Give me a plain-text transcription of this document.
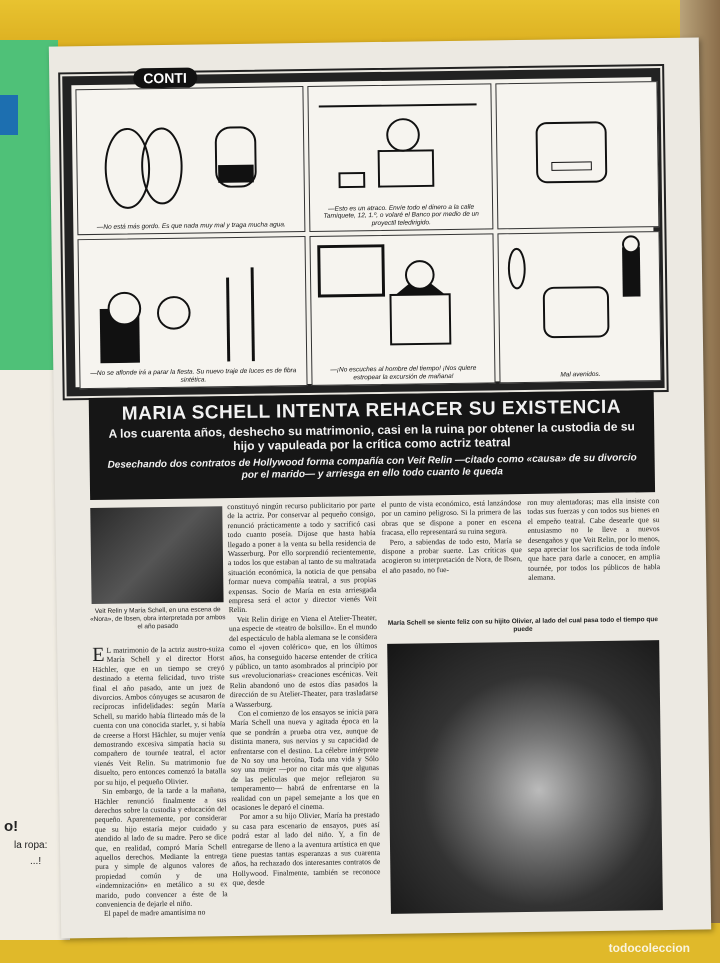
o!
la ropa:
...!
CONTI
—No está más gordo. Es que nada muy mal y traga mucha agua.
—Esto es un atraco. Envíe todo el dinero a la calle Tarniquete, 12, 1.º, o volaré el Banco por medio de un proyectil teledirigido.
—No se aflonde irá a parar la fiesta. Su nuevo traje de luces es de fibra sintética.
—¡No escuches al hombre del tiempo! ¡Nos quiere estropear la excursión de mañana!	Mal avenidos.
MARIA SCHELL INTENTA REHACER SU EXISTENCIA
A los cuarenta años, deshecho su matrimonio, casi en la ruina por obtener la custodia de su hijo y vapuleada por la crítica como actriz teatral
Desechando dos contratos de Hollywood forma compañía con Veit Relin —citado como «causa» de su divorcio por el marido— y arriesga en ello todo cuanto le queda
Veit Relin y María Schell, en una escena de «Nora», de Ibsen, obra interpretada por ambos el año pasado

E L matrimonio de la actriz austro-suiza María Schell y el director Horst Hächler, que en un tiempo se creyó destinado a eterna felicidad, tuvo triste final el año pasado, ante un juez de divorcios. Ambos cónyuges se acusaron de recíprocas infidelidades: según María Schell, su marido había flirteado más de la cuenta con una conocida starlet, y, si había de creerse a Horst Hächler, su mujer venía demostrando excesiva simpatía hacia su compañero de tournée teatral, el actor vienés Veit Relin. Su matrimonio fue disuelto, pero entonces comenzó la batalla por su hijo, el pequeño Olivier.

Sin embargo, de la tarde a la mañana, Hächler renunció finalmente a sus derechos sobre la custodia y educación del pequeño. Aparentemente, por considerar que su hijo estaría mejor cuidado y atendido al lado de su madre. Pero se dice que, en realidad, compró María Schell aquellos derechos. Mediante la entrega pura y simple de algunos valores de propiedad común y de una «indemnización» en metálico a su ex marido, pudo convencer a éste de la conveniencia de dejarle el niño.

El papel de madre amantísima no

constituyó ningún recurso publicitario por parte de la actriz. Por conservar al pequeño consigo, renunció prácticamente a todo y sacrificó casi todo cuanto poseía. Dijose que hasta había llegado a poner a la venta su bella residencia de Wasserburg. Por ello sorprendió recientemente, a todos los que estaban al tanto de su maltratada situación económica, la noticia de que pensaba formar nueva compañía teatral, a sus propias expensas. Socio de María en esta arriesgada empresa será el actor y director vienés Veit Relin.

Veit Relin dirige en Viena el Atelier-Theater, una especie de «teatro de bolsillo». En el mundo del espectáculo de habla alemana se le considera como el «joven colérico» que, en los últimos años, ha conseguido hacerse entender de crítica y público, un tanto asombrados al principio por sus «revolucionarias» creaciones escénicas. Veit Relin abandonó uno de estos días pasados la dirección de su Atelier-Theater, para trasladarse a Wasserburg.

Con el comienzo de los ensayos se inicia para María Schell una nueva y agitada época en la que se pondrán a prueba otra vez, aunque de distinta manera, sus nervios y su capacidad de enfrentarse con el destino. La célebre intérprete de No soy una heroína, Toda una vida y Sólo soy una mujer —por no citar más que algunas de las películas que mejor reflejaron su temperamento— habrá de enfrentarse en la realidad con un papel semejante a los que en ocasiones le deparó el cinema.

Por amor a su hijo Olivier, María ha prestado su casa para escenario de ensayos, pues así podrá estar al lado del niño. Y, a fin de entregarse de lleno a la aventura artística en que tiene puestas tantas esperanzas a sus cuarenta años, ha rechazado dos interesantes contratos de Hollywood. Finalmente, también se reconoce que, desde

el punto de vista económico, está lanzándose por un camino peligroso. Si la primera de las obras que se dispone a poner en escena fracasa, ello representará su ruina segura.

Pero, a sabiendas de todo esto, María se dispone a probar suerte. Las críticas que acogieron su interpretación de Nora, de Ibsen, el año pasado, no fue-

ron muy alentadoras; mas ella insiste con todas sus fuerzas y con todos sus bienes en el empeño teatral. Cabe desearle que su entusiasmo no le lleve a nuevos desengaños y que Veit Relin, por lo menos, sepa apreciar los sacrificios de toda índole que hace para darle a conocer, en amplia tournée, por todos los públicos de habla alemana.

María Schell se siente feliz con su hijito Olivier, al lado del cual pasa todo el tiempo que puede
todocoleccion
